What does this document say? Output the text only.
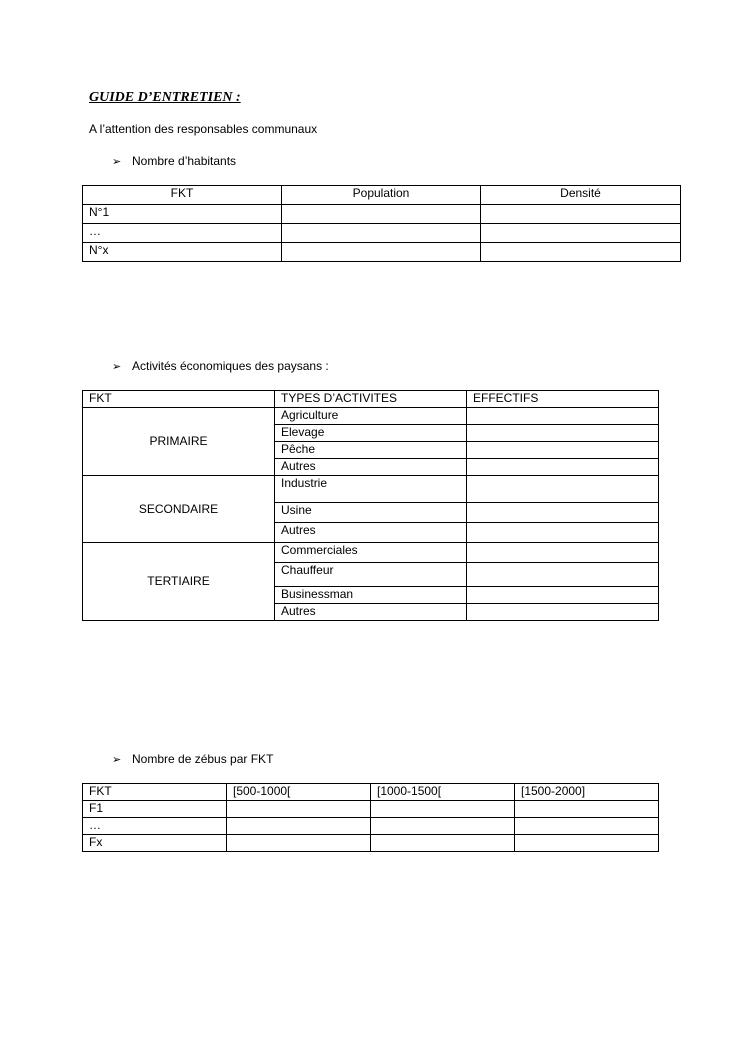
GUIDE D’ENTRETIEN :
A l’attention des responsables communaux
➢ Nombre d’habitants
FKT	Population	Densité
N°1		
…		
N°x		
➢ Activités économiques des paysans :
FKT	TYPES D’ACTIVITES	EFFECTIFS
PRIMAIRE	Agriculture	
	Elevage	
	Pêche	
	Autres	
SECONDAIRE	Industrie	
	Usine	
	Autres	
TERTIAIRE	Commerciales	
	Chauffeur	
	Businessman	
	Autres	
➢ Nombre de zébus par FKT
FKT	[500-1000[	[1000-1500[	[1500-2000]
F1			
…			
Fx			
